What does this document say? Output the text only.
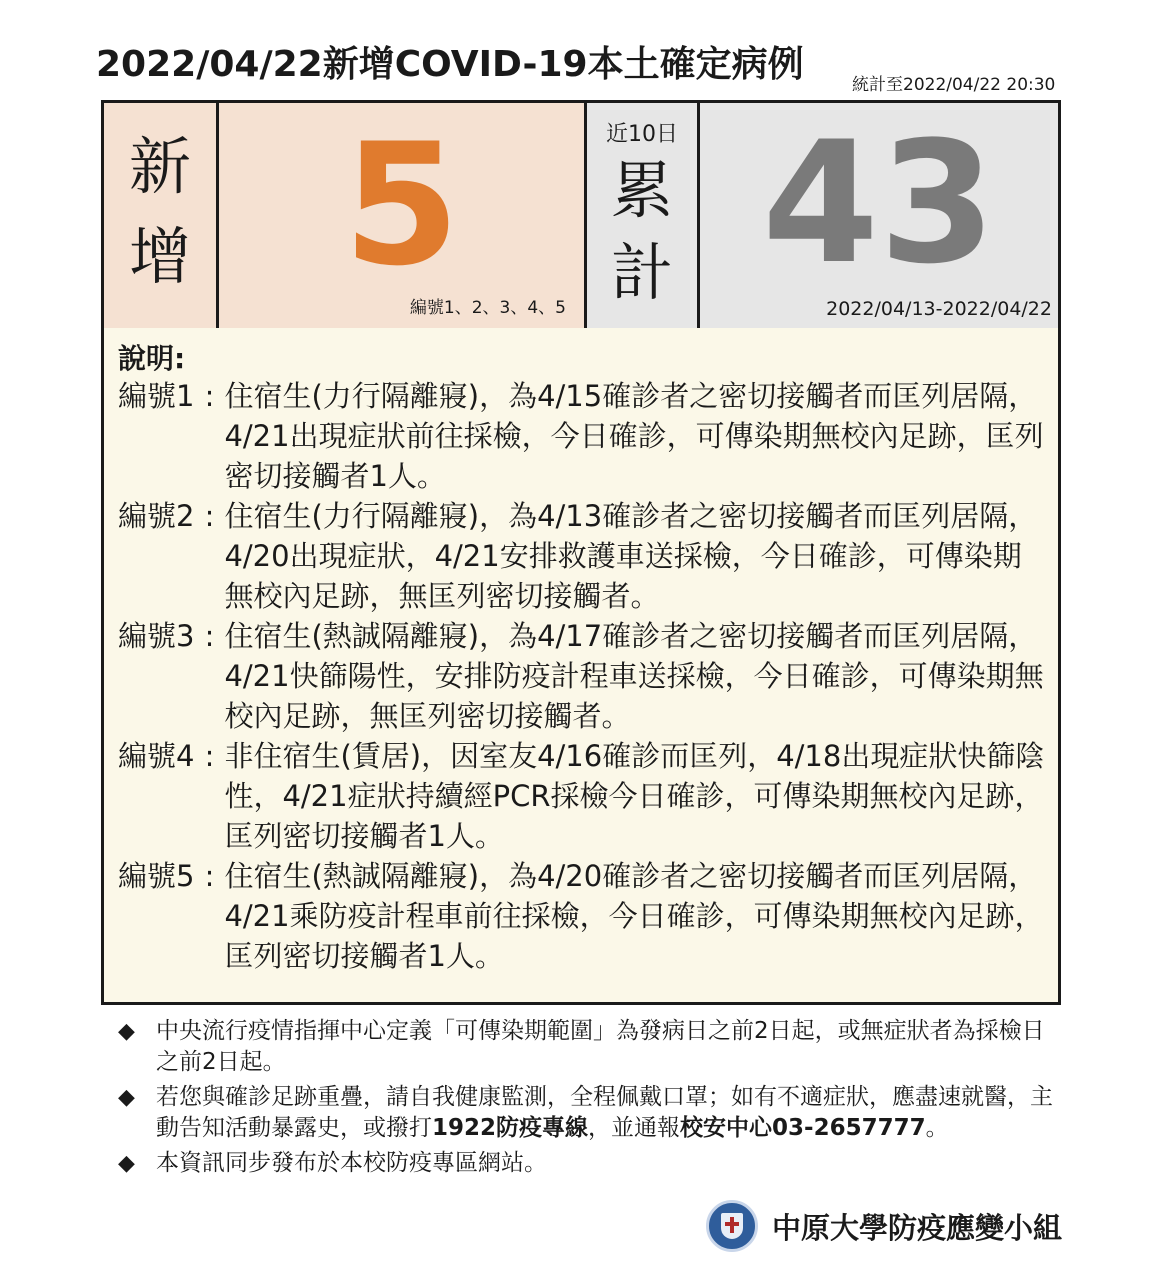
2022/04/22新增COVID-19本土確定病例	統計至2022/04/22 20:30
新
增 5
編號1、2、3、4、5
近10日
累
計 43
2022/04/13-2022/04/22
說明:
編號1 : 住宿生(力行隔離寢)，為4/15確診者之密切接觸者而匡列居隔，4/21出現症狀前往採檢，今日確診，可傳染期無校內足跡，匡列密切接觸者1人。
編號2 : 住宿生(力行隔離寢)，為4/13確診者之密切接觸者而匡列居隔，4/20出現症狀，4/21安排救護車送採檢，今日確診，可傳染期無校內足跡，無匡列密切接觸者。
編號3 : 住宿生(熱誠隔離寢)，為4/17確診者之密切接觸者而匡列居隔，4/21快篩陽性，安排防疫計程車送採檢，今日確診，可傳染期無校內足跡，無匡列密切接觸者。
編號4 : 非住宿生(賃居)，因室友4/16確診而匡列，4/18出現症狀快篩陰性，4/21症狀持續經PCR採檢今日確診，可傳染期無校內足跡，匡列密切接觸者1人。
編號5 : 住宿生(熱誠隔離寢)，為4/20確診者之密切接觸者而匡列居隔，4/21乘防疫計程車前往採檢，今日確診，可傳染期無校內足跡，匡列密切接觸者1人。
◆ 中央流行疫情指揮中心定義「可傳染期範圍」為發病日之前2日起，或無症狀者為採檢日之前2日起。
◆ 若您與確診足跡重疊，請自我健康監測，全程佩戴口罩；如有不適症狀，應盡速就醫，主動告知活動暴露史，或撥打1922防疫專線，並通報校安中心03-2657777。
◆ 本資訊同步發布於本校防疫專區網站。
中原大學防疫應變小組
